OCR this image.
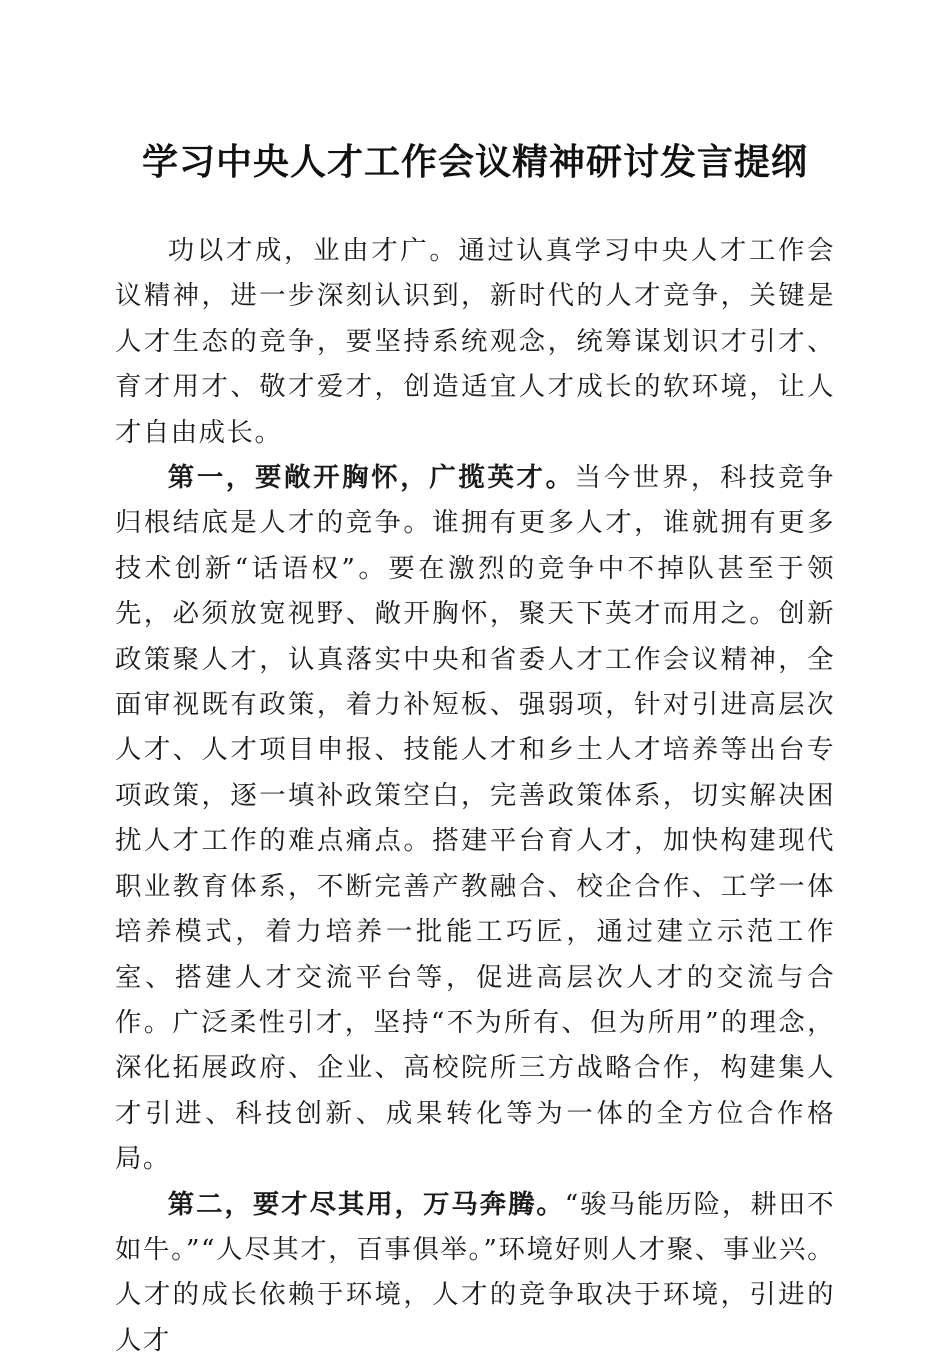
学习中央人才工作会议精神研讨发言提纲

功以才成，业由才广。通过认真学习中央人才工作会议精神，进一步深刻认识到，新时代的人才竞争，关键是人才生态的竞争，要坚持系统观念，统筹谋划识才引才、育才用才、敬才爱才，创造适宜人才成长的软环境，让人才自由成长。

第一，要敞开胸怀，广揽英才。当今世界，科技竞争归根结底是人才的竞争。谁拥有更多人才，谁就拥有更多技术创新“话语权”。要在激烈的竞争中不掉队甚至于领先，必须放宽视野、敞开胸怀，聚天下英才而用之。创新政策聚人才，认真落实中央和省委人才工作会议精神，全面审视既有政策，着力补短板、强弱项，针对引进高层次人才、人才项目申报、技能人才和乡土人才培养等出台专项政策，逐一填补政策空白，完善政策体系，切实解决困扰人才工作的难点痛点。搭建平台育人才，加快构建现代职业教育体系，不断完善产教融合、校企合作、工学一体培养模式，着力培养一批能工巧匠，通过建立示范工作室、搭建人才交流平台等，促进高层次人才的交流与合作。广泛柔性引才，坚持“不为所有、但为所用”的理念，深化拓展政府、企业、高校院所三方战略合作，构建集人才引进、科技创新、成果转化等为一体的全方位合作格局。

第二，要才尽其用，万马奔腾。“骏马能历险，耕田不如牛。”“人尽其才，百事俱举。”环境好则人才聚、事业兴。人才的成长依赖于环境，人才的竞争取决于环境，引进的人才
